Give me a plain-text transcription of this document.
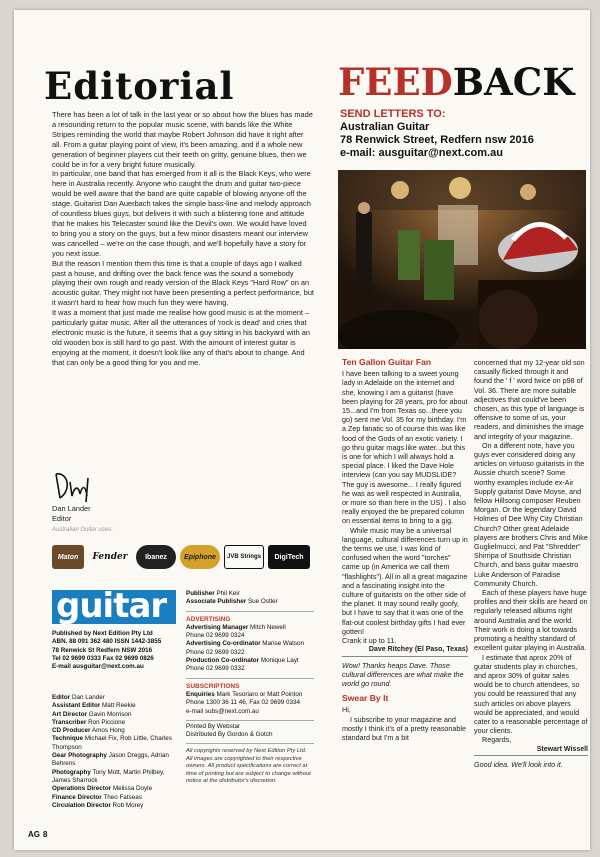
Editorial

There has been a lot of talk in the last year or so about how the blues has made a resounding return to the popular music scene, with bands like the White Stripes reminding the world that maybe Robert Johnson did have it right after all. From a guitar playing point of view, it's been amazing, and if a whole new generation of beginner players cut their teeth on gritty, genuine blues, then we could be in for a very bright future musically.

In particular, one band that has emerged from it all is the Black Keys, who were here in Australia recently. Anyone who caught the drum and guitar two-piece would be well aware that the band are quite capable of blowing anyone off the stage. Guitarist Dan Auerbach takes the simple bass-line and melody approach of countless blues guys, but delivers it with such a blistering tone and attitude that he makes his Telecaster sound like the Devil's own. We would have loved to bring you a story on the guys, but a few minor disasters meant our interview was cancelled – we're on the case though, and we'll hopefully have a story for you next issue.

But the reason I mention them this time is that a couple of days ago I walked past a house, and drifting over the back fence was the sound a somebody playing their own rough and ready version of the Black Keys "Hard Row" on an acoustic guitar. They might not have been presenting a perfect performance, but it wasn't hard to hear how much fun they were having.

It was a moment that just made me realise how good music is at the moment – particularly guitar music. After all the utterances of 'rock is dead' and cries that electronic music is the future, it seems that a guy sitting in his backyard with an old wooden box is still hard to go past. With the amount of interest guitar is enjoying at the moment, it doesn't look like any of that's about to change. And that can only be a good thing for you and me.

Dan Lander
Editor
Australian Guitar uses:
Maton	Fender	Ibanez	Epiphone	JVB Strings	DigiTech
guitar
Published by Next Edition Pty Ltd
ABN. 88 091 362 480 ISSN 1442-3855
78 Renwick St Redfern NSW 2016
Tel 02 9699 0333 Fax 02 9699 0826
E-mail ausguitar@next.com.au
Editor Dan Lander
Assistant Editor Matt Reekie
Art Director Gavin Morrison
Transcriber Ron Piccione
CD Producer Amos Hong
Technique Michael Fix, Rob Little, Charles Thompson
Gear Photography Jason Dreggs, Adrian Behrens
Photography Tony Mott, Martin Philbey, James Sharrock
Operations Director Melissa Doyle
Finance Director Theo Fatseas
Circulation Director Rob Morey
Publisher Phil Keir
Associate Publisher Sue Ostler
ADVERTISING
Advertising Manager Mitch Newell
Phone 02 9699 0324
Advertising Co-ordinator Marise Watson
Phone 02 9699 0322
Production Co-ordinator Monique Layt
Phone 02 9699 0332
SUBSCRIPTIONS
Enquiries Mark Tesoriaro or Matt Pointon
Phone 1300 36 11 46, Fax 02 9699 0334
e-mail subs@next.com.au
Printed By Webstar
Distributed By Gordon & Gotch
All copyrights reserved by Next Edition Pty Ltd. All images are copyrighted to their respective owners. All product specifications are correct at time of printing but are subject to change without notice at the distributor's discretion.
AG 8
FEEDBACK
SEND LETTERS TO:
Australian Guitar
78 Renwick Street, Redfern nsw 2016
e-mail: ausguitar@next.com.au
Ten Gallon Guitar Fan
I have been talking to a sweet young lady in Adelaide on the internet and she, knowing I am a guitarist (have been playing for 28 years, pro for about 15...and I'm from Texas so...there you go) sent me Vol. 35 for my birthday. I'm a Zep fanatic so of course this was like food of the Gods of an exotic variety. I go thru guitar mags like water...but this is one for which I will always hold a special place. I liked the Dave Hole interview (can you say MUDSLIDE? The guy is awesome... I really figured he was as well respected in Australia, or more so than here in the US) . I also really enjoyed the be prepared column on essential items to bring to a gig.
While music may be a universal language, cultural differences turn up in the terms we use. I was kind of confused when the word "torches" came up (in America we call them "flashlights"). All in all a great magazine and a fascinating insight into the culture of guitarists on the other side of the planet. It may sound really goofy, but I have to say that it was one of the flat-out coolest birthday gifts I had ever gotten!
Crank it up to 11.
Dave Ritchey (El Paso, Texas)
Wow! Thanks heaps Dave. Those cultural differences are what make the world go round.
Swear By It
Hi,
I subscribe to your magazine and mostly I think it's of a pretty reasonable standard but I'm a bit
concerned that my 12-year old son casually flicked through it and found the ' f ' word twice on p98 of Vol. 36. There are more suitable adjectives that could've been chosen, as this type of language is offensive to some of us, your readers, and diminishes the image and integrity of your magazine.
On a different note, have you guys ever considered doing any articles on virtuoso guitarists in the Aussie church scene? Some worthy examples include ex-Air Supply guitarist Dave Moyse, and fellow Hillsong composer Reuben Morgan. Or the legendary David Holmes of Dee Why City Christian Church? Other great Adelaide players are brothers Chris and Mike Guglielmucci, and Pat "Shredder" Shirripa of Southside Christian Church, and bass guitar maestro Luke Anderson of Paradise Community Church.
Each of these players have huge profiles and their skills are heard on regularly released albums right around Australia and the world. Their work is doing a lot towards promoting a healthy standard of excellent guitar playing in Australia.
I estimate that aprox 20% of guitar students play in churches, and aprox 30% of guitar sales would be to church attendees, so you could be reassured that any such articles on above players would be appreciated, and would cater to a reasonable percentage of your clients.
Regards,
Stewart Wissell
Good idea. We'll look into it.
